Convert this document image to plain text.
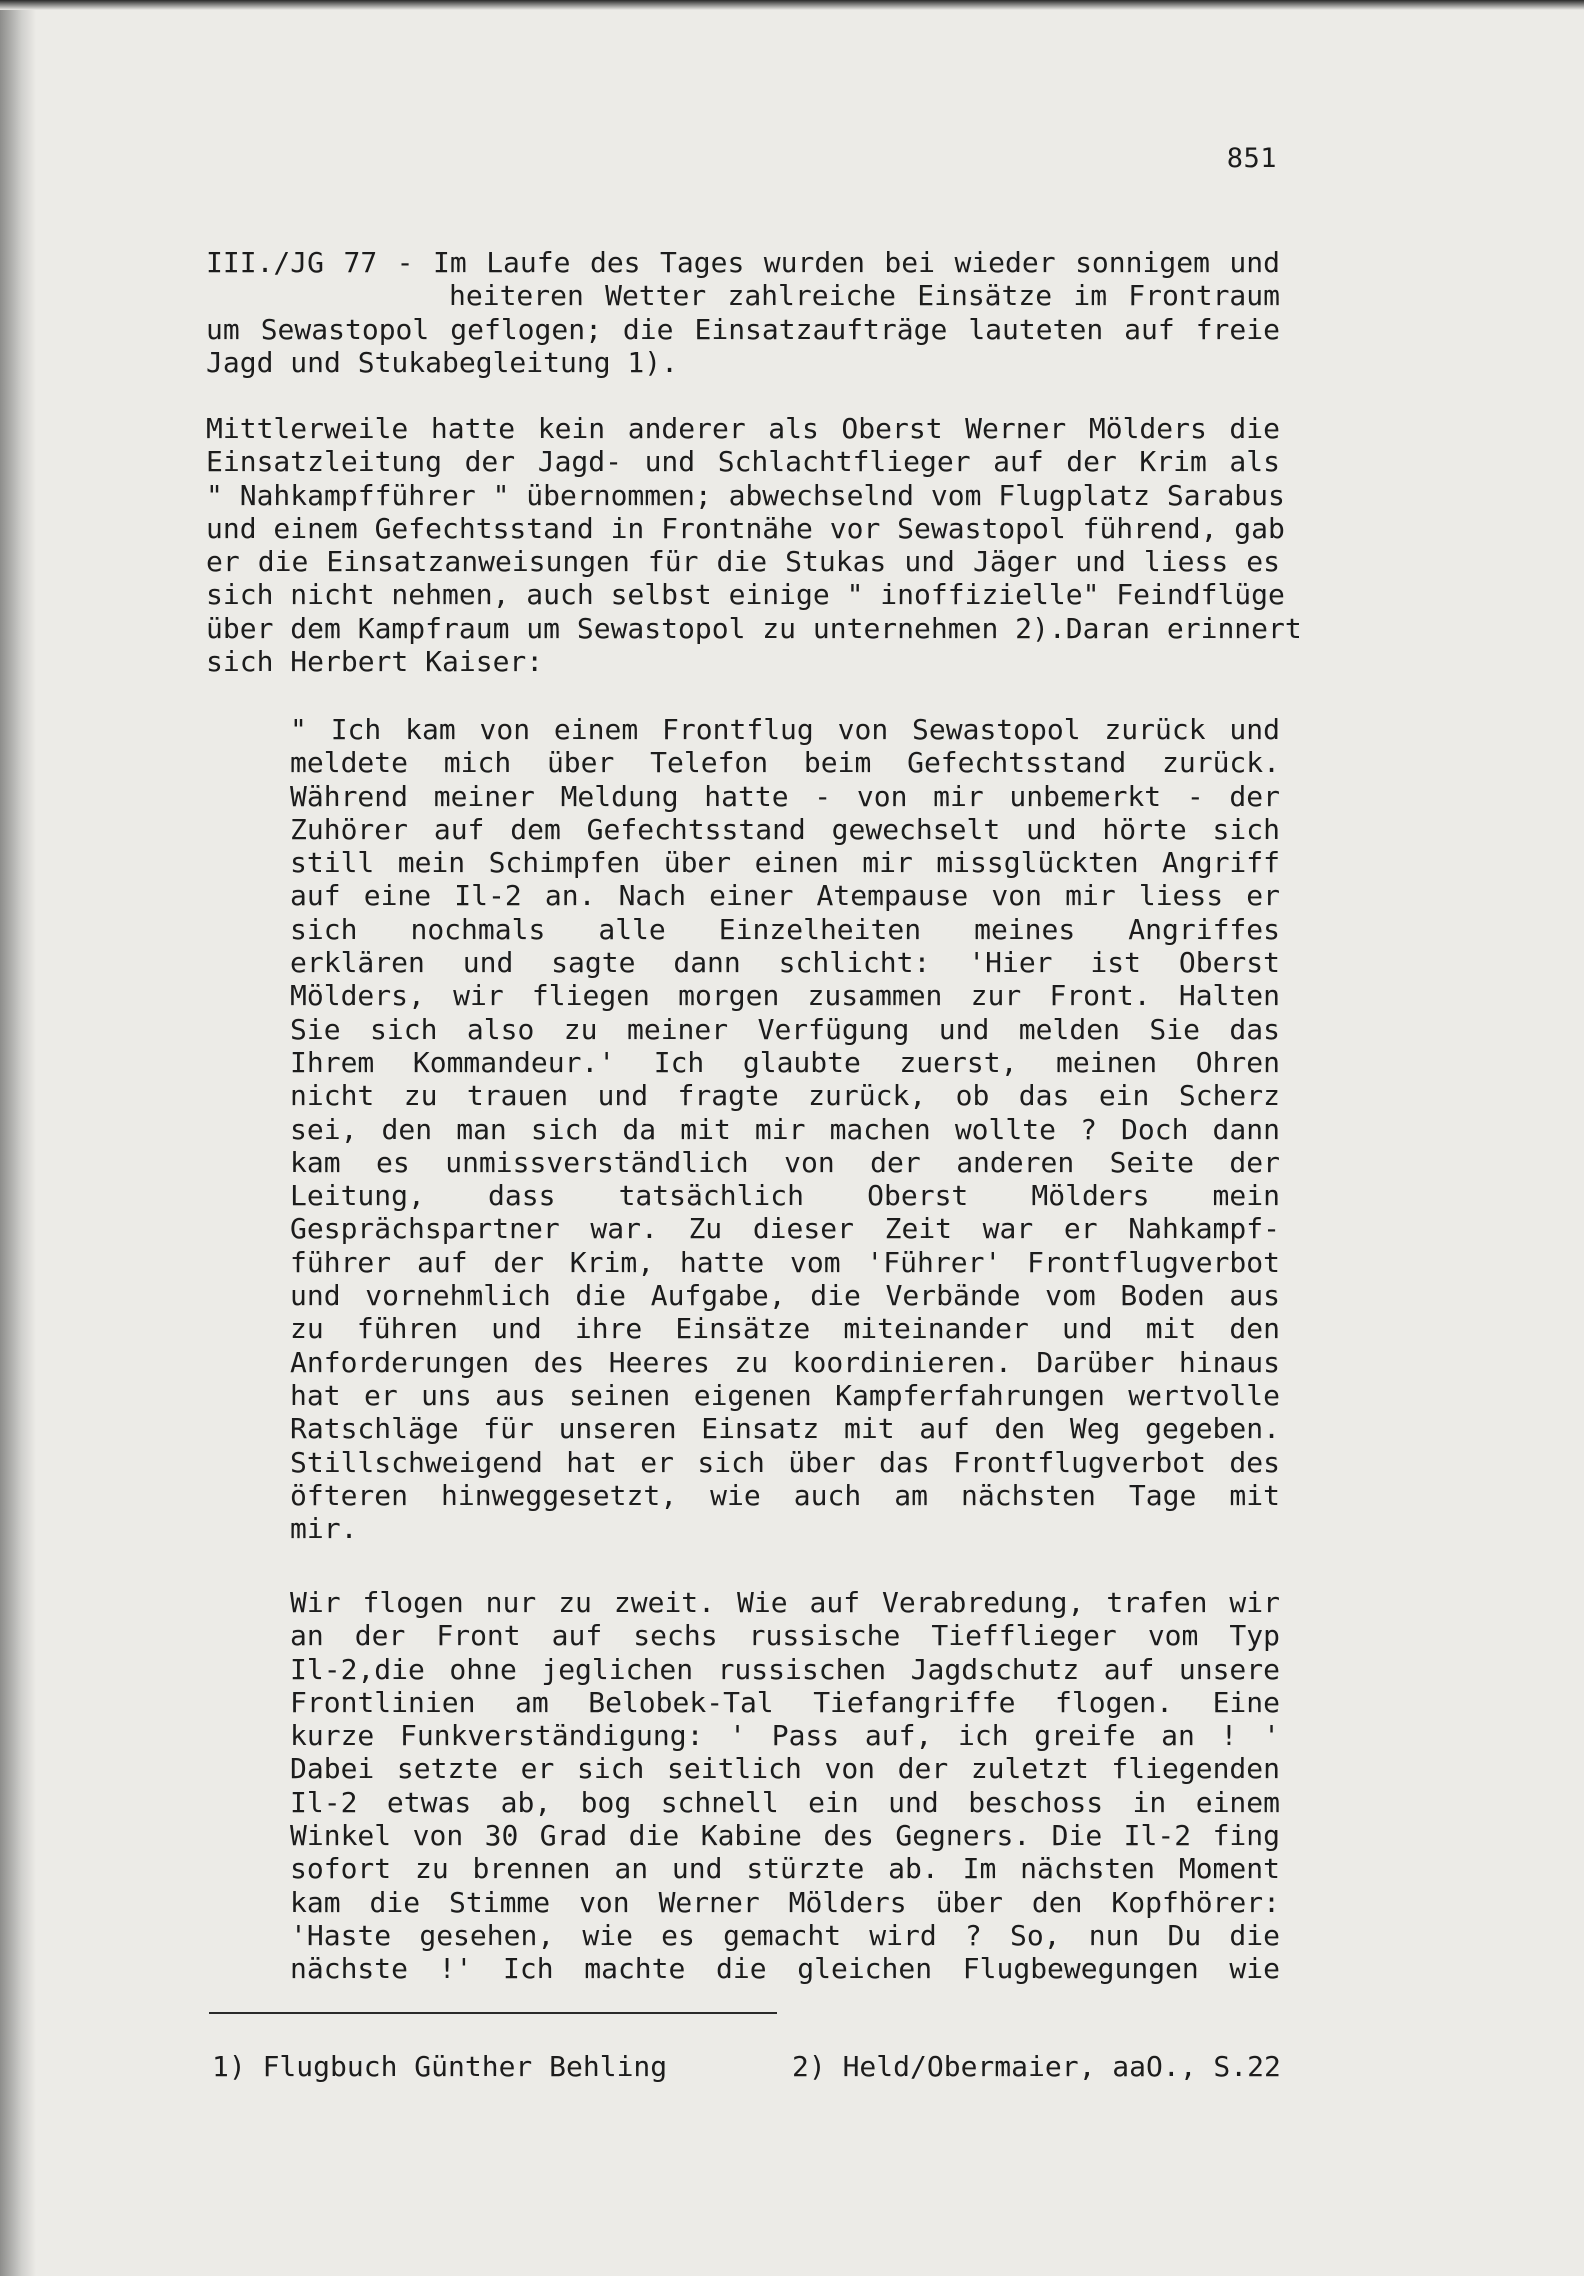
851
III./JG 77 - Im Laufe des Tages wurden bei wieder sonnigem und
heiteren Wetter zahlreiche Einsätze im Frontraum
um Sewastopol geflogen; die Einsatzaufträge lauteten auf freie
Jagd und Stukabegleitung 1).
Mittlerweile hatte kein anderer als Oberst Werner Mölders die
Einsatzleitung der Jagd- und Schlachtflieger auf der Krim als
" Nahkampfführer " übernommen; abwechselnd vom Flugplatz Sarabus
und einem Gefechtsstand in Frontnähe vor Sewastopol führend, gab
er die Einsatzanweisungen für die Stukas und Jäger und liess es
sich nicht nehmen, auch selbst einige " inoffizielle" Feindflüge
über dem Kampfraum um Sewastopol zu unternehmen 2).Daran erinnert
sich Herbert Kaiser:
" Ich kam von einem Frontflug von Sewastopol zurück und
meldete mich über Telefon beim Gefechtsstand zurück.
Während meiner Meldung hatte - von mir unbemerkt - der
Zuhörer auf dem Gefechtsstand gewechselt und hörte sich
still mein Schimpfen über einen mir missglückten Angriff
auf eine Il-2 an. Nach einer Atempause von mir liess er
sich nochmals alle Einzelheiten meines Angriffes
erklären und sagte dann schlicht: 'Hier ist Oberst
Mölders, wir fliegen morgen zusammen zur Front. Halten
Sie sich also zu meiner Verfügung und melden Sie das
Ihrem Kommandeur.' Ich glaubte zuerst, meinen Ohren
nicht zu trauen und fragte zurück, ob das ein Scherz
sei, den man sich da mit mir machen wollte ? Doch dann
kam es unmissverständlich von der anderen Seite der
Leitung, dass tatsächlich Oberst Mölders mein
Gesprächspartner war. Zu dieser Zeit war er Nahkampf-
führer auf der Krim, hatte vom 'Führer' Frontflugverbot
und vornehmlich die Aufgabe, die Verbände vom Boden aus
zu führen und ihre Einsätze miteinander und mit den
Anforderungen des Heeres zu koordinieren. Darüber hinaus
hat er uns aus seinen eigenen Kampferfahrungen wertvolle
Ratschläge für unseren Einsatz mit auf den Weg gegeben.
Stillschweigend hat er sich über das Frontflugverbot des
öfteren hinweggesetzt, wie auch am nächsten Tage mit
mir.
Wir flogen nur zu zweit. Wie auf Verabredung, trafen wir
an der Front auf sechs russische Tiefflieger vom Typ
Il-2,die ohne jeglichen russischen Jagdschutz auf unsere
Frontlinien am Belobek-Tal Tiefangriffe flogen. Eine
kurze Funkverständigung: ' Pass auf, ich greife an ! '
Dabei setzte er sich seitlich von der zuletzt fliegenden
Il-2 etwas ab, bog schnell ein und beschoss in einem
Winkel von 30 Grad die Kabine des Gegners. Die Il-2 fing
sofort zu brennen an und stürzte ab. Im nächsten Moment
kam die Stimme von Werner Mölders über den Kopfhörer:
'Haste gesehen, wie es gemacht wird ? So, nun Du die
nächste !' Ich machte die gleichen Flugbewegungen wie
1) Flugbuch Günther Behling	2) Held/Obermaier, aaO., S.22
